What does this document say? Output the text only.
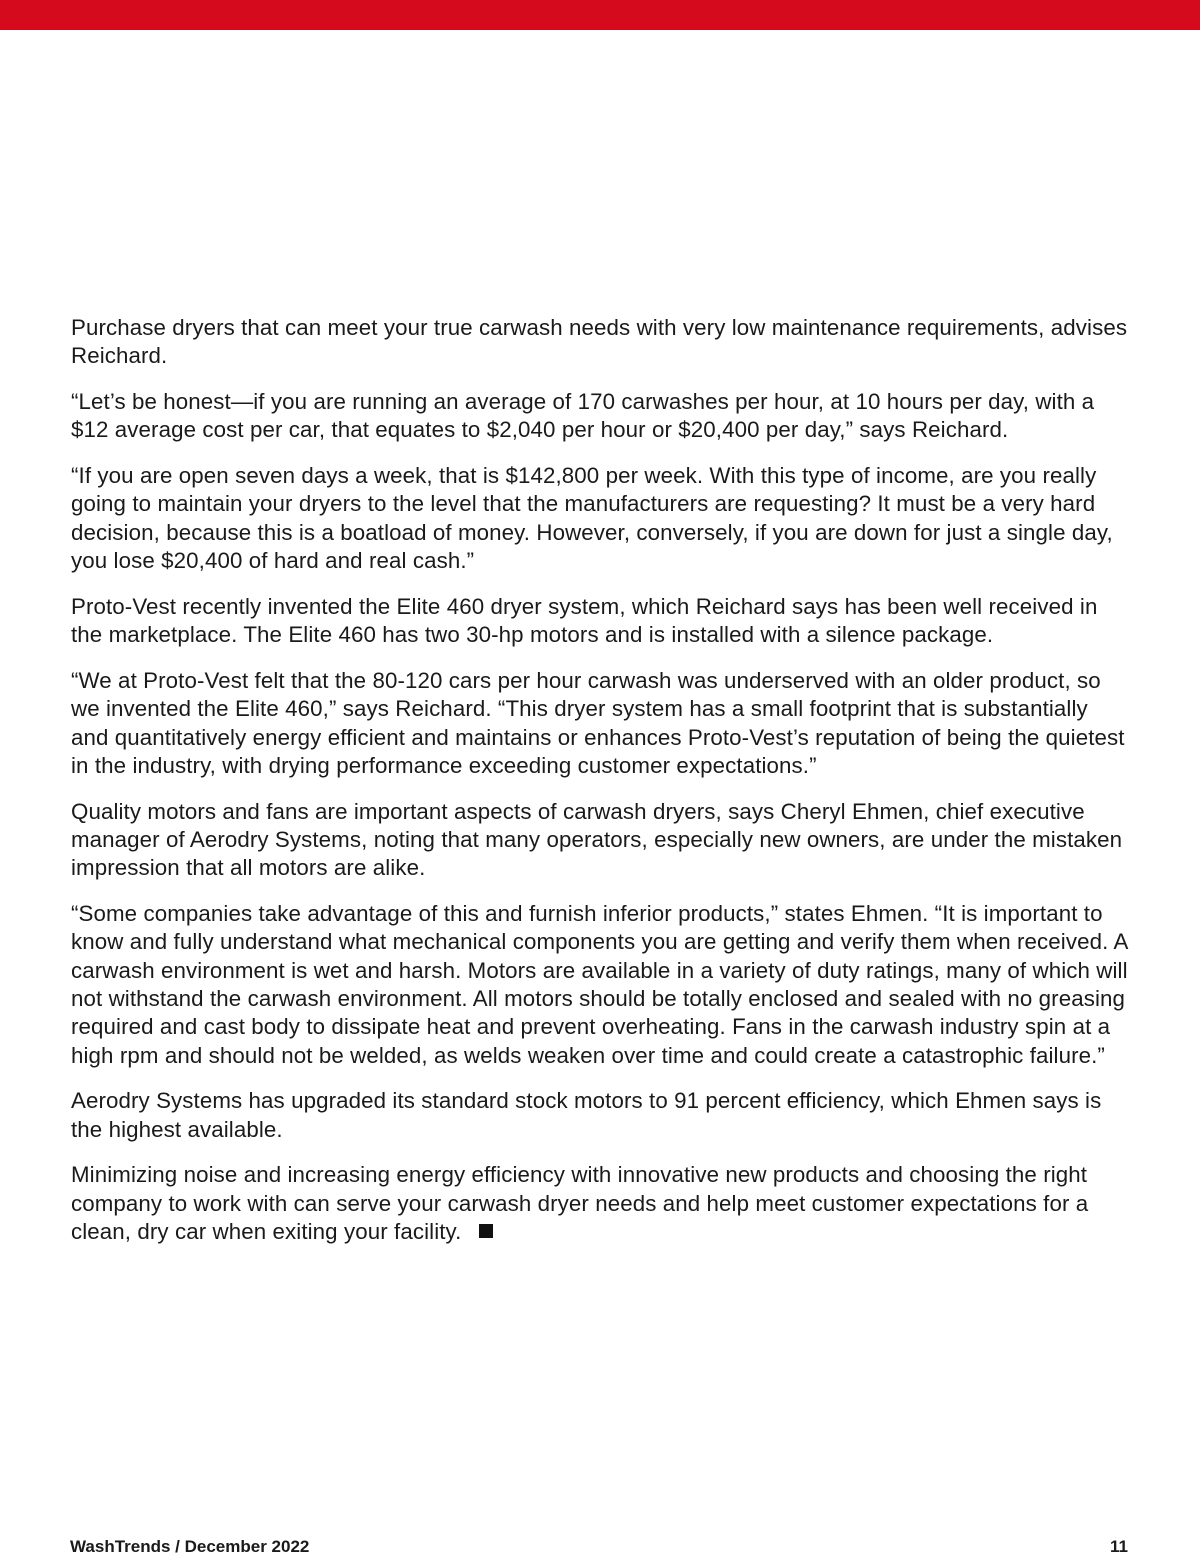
Purchase dryers that can meet your true carwash needs with very low maintenance requirements, advises Reichard.

“Let’s be honest—if you are running an average of 170 carwashes per hour, at 10 hours per day, with a $12 average cost per car, that equates to $2,040 per hour or $20,400 per day,” says Reichard.

“If you are open seven days a week, that is $142,800 per week. With this type of income, are you really going to maintain your dryers to the level that the manufacturers are requesting? It must be a very hard decision, because this is a boatload of money. However, conversely, if you are down for just a single day, you lose $20,400 of hard and real cash.”

Proto-Vest recently invented the Elite 460 dryer system, which Reichard says has been well received in the marketplace. The Elite 460 has two 30-hp motors and is installed with a silence package.

“We at Proto-Vest felt that the 80-120 cars per hour carwash was underserved with an older product, so we invented the Elite 460,” says Reichard. “This dryer system has a small footprint that is substantially and quantitatively energy efficient and maintains or enhances Proto-Vest’s reputation of being the quietest in the industry, with drying performance exceeding customer expectations.”

Quality motors and fans are important aspects of carwash dryers, says Cheryl Ehmen, chief executive manager of Aerodry Systems, noting that many operators, especially new owners, are under the mistaken impression that all motors are alike.

“Some companies take advantage of this and furnish inferior products,” states Ehmen. “It is important to know and fully understand what mechanical components you are getting and verify them when received. A carwash environment is wet and harsh. Motors are available in a variety of duty ratings, many of which will not withstand the carwash environment. All motors should be totally enclosed and sealed with no greasing required and cast body to dissipate heat and prevent overheating. Fans in the carwash industry spin at a high rpm and should not be welded, as welds weaken over time and could create a catastrophic failure.”

Aerodry Systems has upgraded its standard stock motors to 91 percent efficiency, which Ehmen says is the highest available.

Minimizing noise and increasing energy efficiency with innovative new products and choosing the right company to work with can serve your carwash dryer needs and help meet customer expectations for a clean, dry car when exiting your facility.

WashTrends / December 2022	11
